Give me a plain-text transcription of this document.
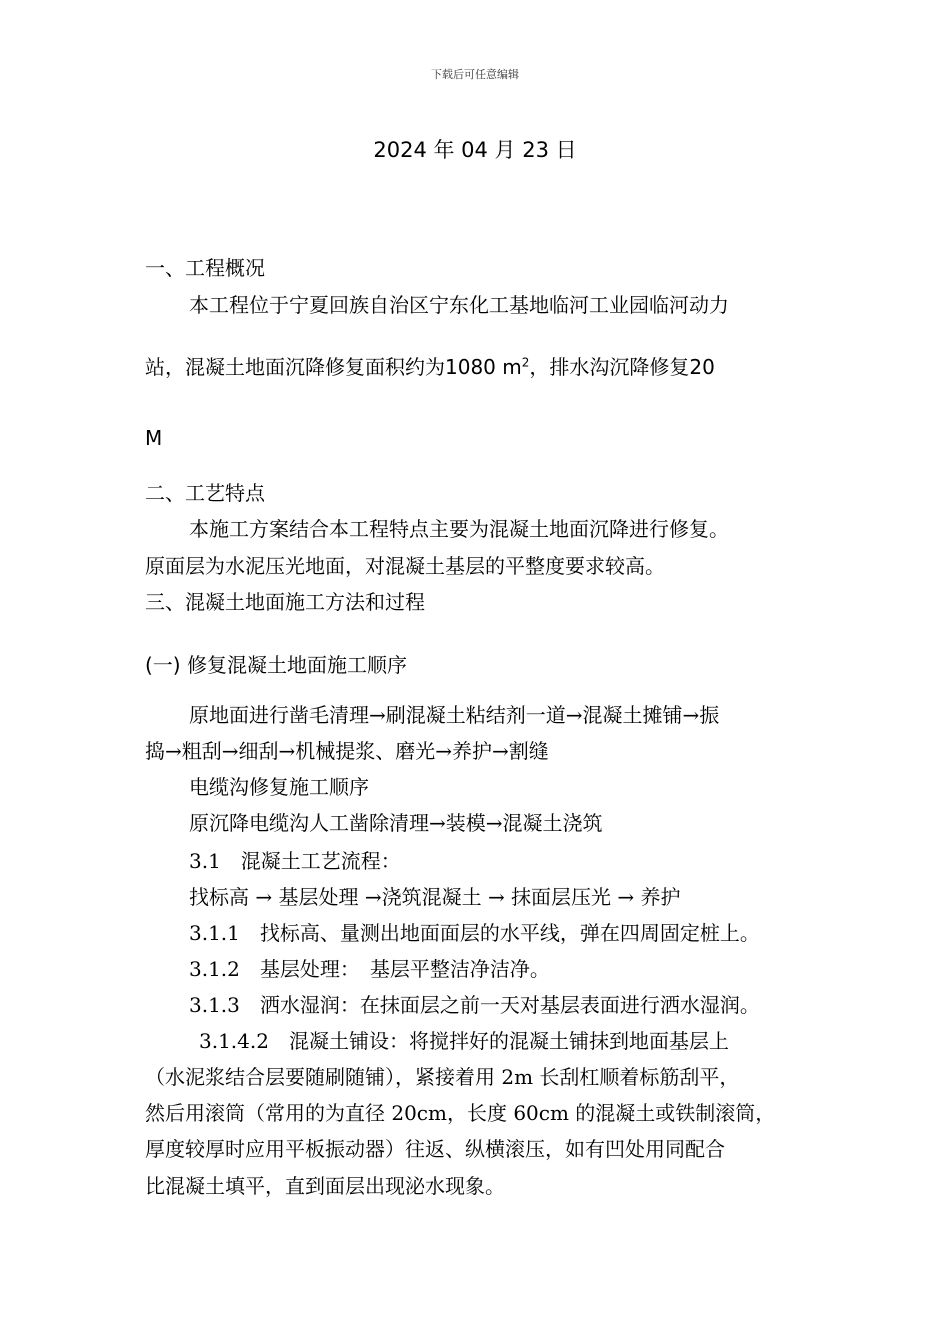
下载后可任意编辑
2024 年 04 月 23 日
一、工程概况
本工程位于宁夏回族自治区宁东化工基地临河工业园临河动力
站，混凝土地面沉降修复面积约为1080 $m^2$，排水沟沉降修复20
M
二、工艺特点
本施工方案结合本工程特点主要为混凝土地面沉降进行修复。
原面层为水泥压光地面，对混凝土基层的平整度要求较高。
三、混凝土地面施工方法和过程
(一) 修复混凝土地面施工顺序
原地面进行凿毛清理→刷混凝土粘结剂一道→混凝土摊铺→振
捣→粗刮→细刮→机械提浆、磨光→养护→割缝
电缆沟修复施工顺序
原沉降电缆沟人工凿除清理→装模→混凝土浇筑
3.1　混凝土工艺流程：
找标高 → 基层处理 →浇筑混凝土 → 抹面层压光 → 养护
3.1.1　找标高、量测出地面面层的水平线，弹在四周固定桩上。
3.1.2　基层处理：　基层平整洁净洁净。
3.1.3　洒水湿润：在抹面层之前一天对基层表面进行洒水湿润。
3.1.4.2　混凝土铺设：将搅拌好的混凝土铺抹到地面基层上
（水泥浆结合层要随刷随铺），紧接着用 2m 长刮杠顺着标筋刮平，
然后用滚筒（常用的为直径 20cm，长度 60cm 的混凝土或铁制滚筒，
厚度较厚时应用平板振动器）往返、纵横滚压，如有凹处用同配合
比混凝土填平，直到面层出现泌水现象。
